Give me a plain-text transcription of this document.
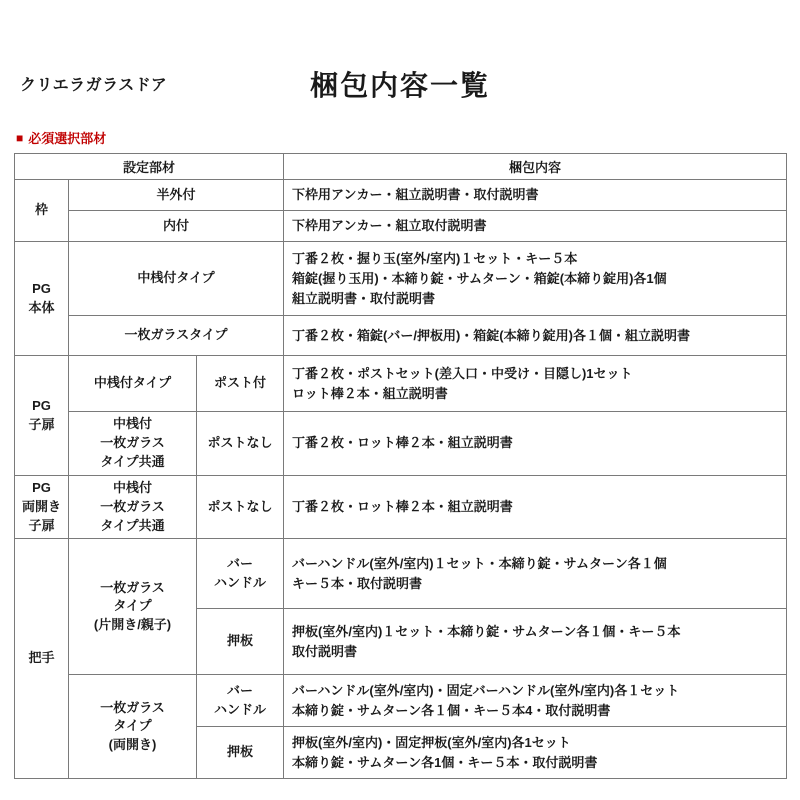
クリエラガラスドア	梱包内容一覧
■ 必須選択部材
設定部材			梱包内容
枠	半外付		下枠用アンカー・組立説明書・取付説明書
	内付		下枠用アンカー・組立取付説明書
PG
本体	中桟付タイプ		丁番２枚・握り玉(室外/室内)１セット・キー５本
箱錠(握り玉用)・本締り錠・サムターン・箱錠(本締り錠用)各1個
組立説明書・取付説明書
	一枚ガラスタイプ		丁番２枚・箱錠(バー/押板用)・箱錠(本締り錠用)各１個・組立説明書
PG
子扉	中桟付タイプ	ポスト付	丁番２枚・ポストセット(差入口・中受け・目隠し)1セット
ロット棒２本・組立説明書
	中桟付
一枚ガラス
タイプ共通	ポストなし	丁番２枚・ロット棒２本・組立説明書
PG
両開き
子扉	中桟付
一枚ガラス
タイプ共通	ポストなし	丁番２枚・ロット棒２本・組立説明書
把手	一枚ガラス
タイプ
(片開き/親子)	バー
ハンドル	バーハンドル(室外/室内)１セット・本締り錠・サムターン各１個
キー５本・取付説明書
		押板	押板(室外/室内)１セット・本締り錠・サムターン各１個・キー５本
取付説明書
	一枚ガラス
タイプ
(両開き)	バー
ハンドル	バーハンドル(室外/室内)・固定バーハンドル(室外/室内)各１セット
本締り錠・サムターン各１個・キー５本4・取付説明書
		押板	押板(室外/室内)・固定押板(室外/室内)各1セット
本締り錠・サムターン各1個・キー５本・取付説明書
